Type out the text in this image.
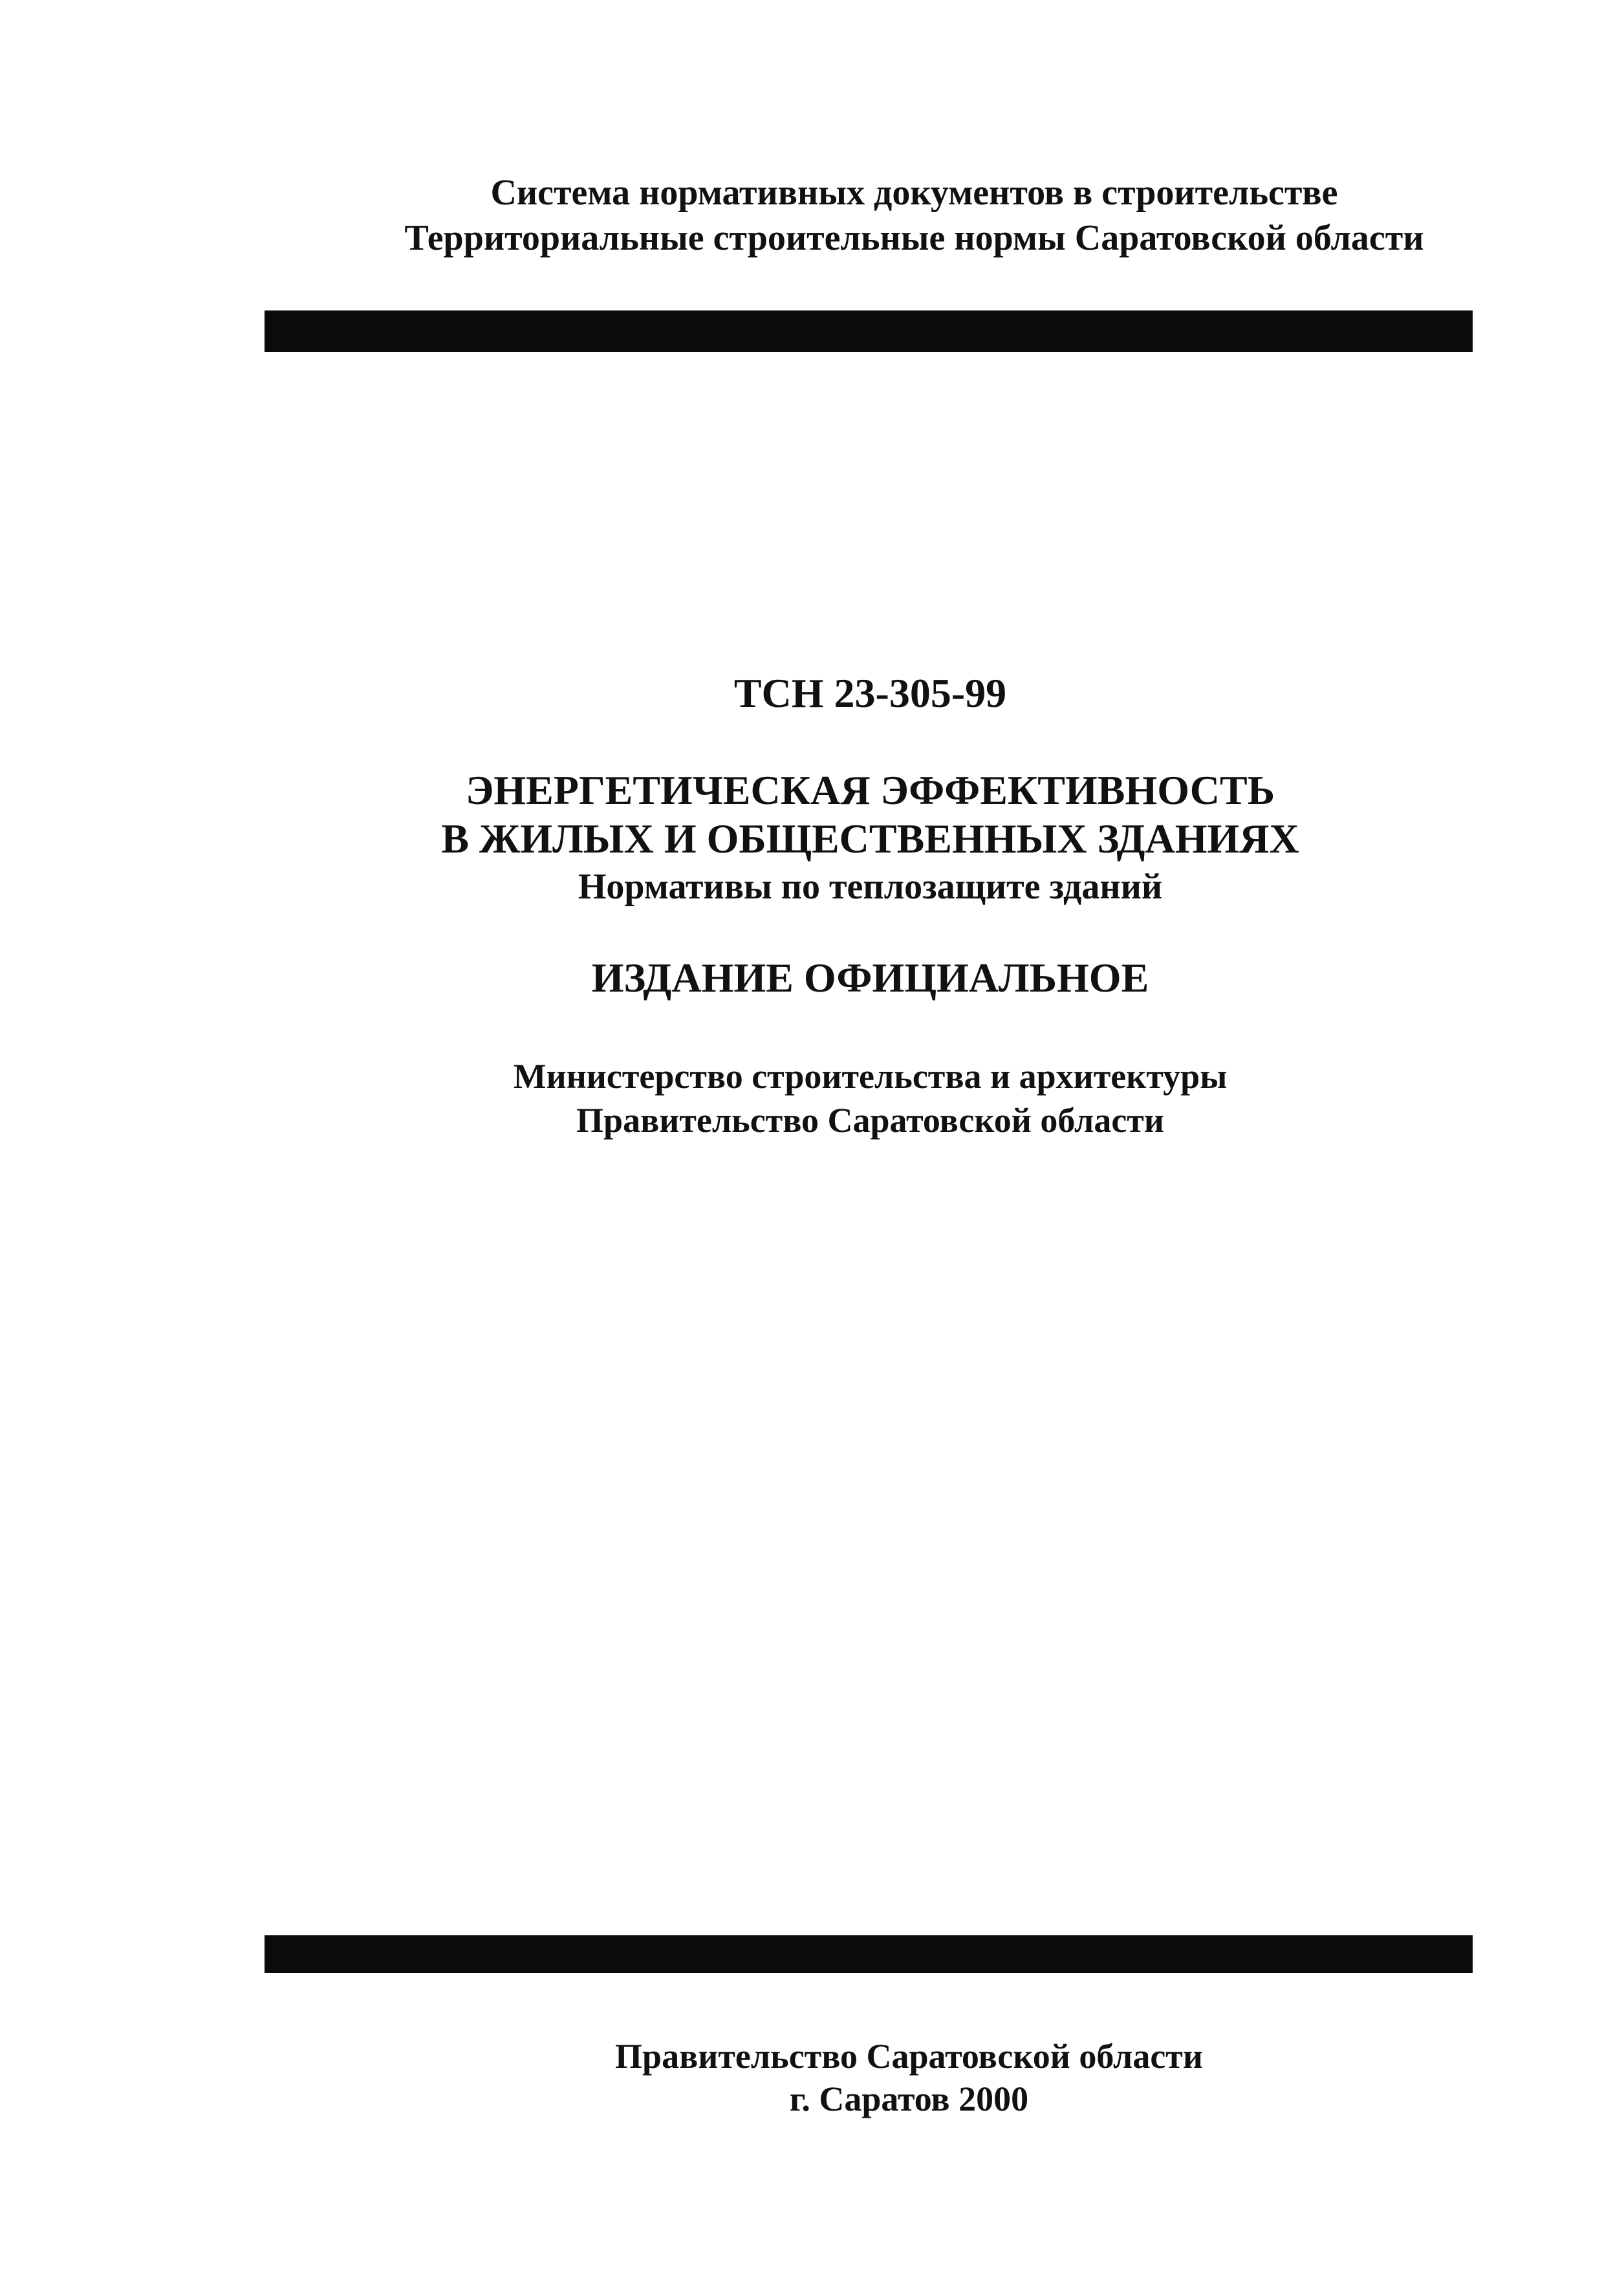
Система нормативных документов в строительстве
Территориальные строительные нормы Саратовской области
ТСН 23-305-99
ЭНЕРГЕТИЧЕСКАЯ ЭФФЕКТИВНОСТЬ
В ЖИЛЫХ И ОБЩЕСТВЕННЫХ ЗДАНИЯХ
Нормативы по теплозащите зданий
ИЗДАНИЕ ОФИЦИАЛЬНОЕ
Министерство строительства и архитектуры
Правительство Саратовской области
Правительство Саратовской области
г. Саратов 2000
